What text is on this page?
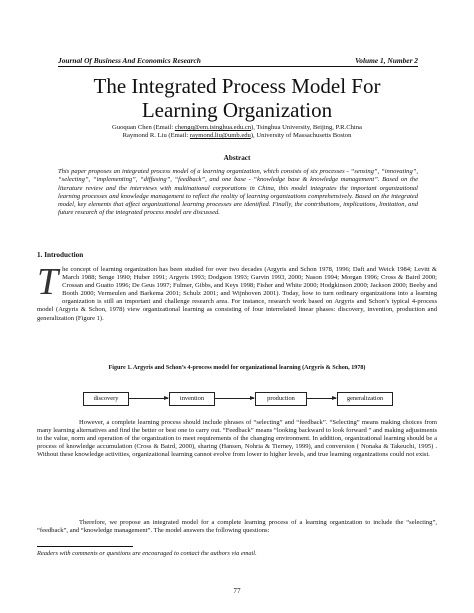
Journal Of Business And Economics Research	Volume 1, Number 2
The Integrated Process Model For
Learning Organization
Guoquan Chen (Email: chengq@em.tsinghua.edu.cn), Tsinghua University, Beijing, P.R.China
Raymond R. Liu (Email: raymond.liu@umb.edu), University of Massachusetts Boston
Abstract

This paper proposes an integrated process model of a learning organization, which consists of six processes - “sensing”, “innovating”, “selecting”, “implementing”, “diffusing”, “feedback”, and one base - “knowledge base & knowledge management”. Based on the literature review and the interviews with multinational corporations in China, this model integrates the important organizational learning processes and knowledge management to reflect the reality of learning organizations comprehensively. Based on the integrated model, key elements that affect organizational learning processes are identified. Finally, the contributions, implications, limitation, and future research of the integrated process model are discussed.

1. Introduction

The concept of learning organization has been studied for over two decades (Argyris and Schon 1978, 1996; Daft and Weick 1984; Levitt & March 1988; Senge 1990; Huber 1991; Argyris 1993; Dodgson 1993; Garvin 1993, 2000; Nason 1994; Morgan 1996; Cross & Baird 2000; Crossan and Guatto 1996; De Geus 1997; Fulmer, Gibbs, and Keys 1998; Fisher and White 2000; Hodgkinson 2000; Jackson 2000; Beeby and Booth 2000; Vermeulen and Barkema 2001; Schulz 2001; and Wijnhoven 2001). Today, how to turn ordinary organizations into a learning organization is still an important and challenge research area. For instance, research work based on Argyris and Schon’s typical 4-process model (Argyris & Schon, 1978) view organizational learning as consisting of four interrelated linear phases: discovery, invention, production and generalization (Figure 1).

Figure 1. Argyris and Schon’s 4-process model for organizational learning (Argyris & Schon, 1978)
discovery	invention	production	generalization

However, a complete learning process should include phrases of “selecting” and “feedback”. “Selecting” means making choices from many learning alternatives and find the better or best one to carry out. “Feedback” means “looking backward to look forward ” and making adjustments to the value, norm and operation of the organization to meet requirements of the changing environment. In addition, organizational learning should be a process of knowledge accumulation (Cross & Baird, 2000), sharing (Hansen, Nohria & Tierney, 1999), and conversion ( Nonaka & Takeuchi, 1995) . Without these knowledge activities, organizational learning cannot evolve from lower to higher levels, and true learning organizations could not exist.

Therefore, we propose an integrated model for a complete learning process of a learning organization to include the “selecting”, “feedback”, and “knowledge management”. The model answers the following questions:

Readers with comments or questions are encouraged to contact the authors via email.
77
